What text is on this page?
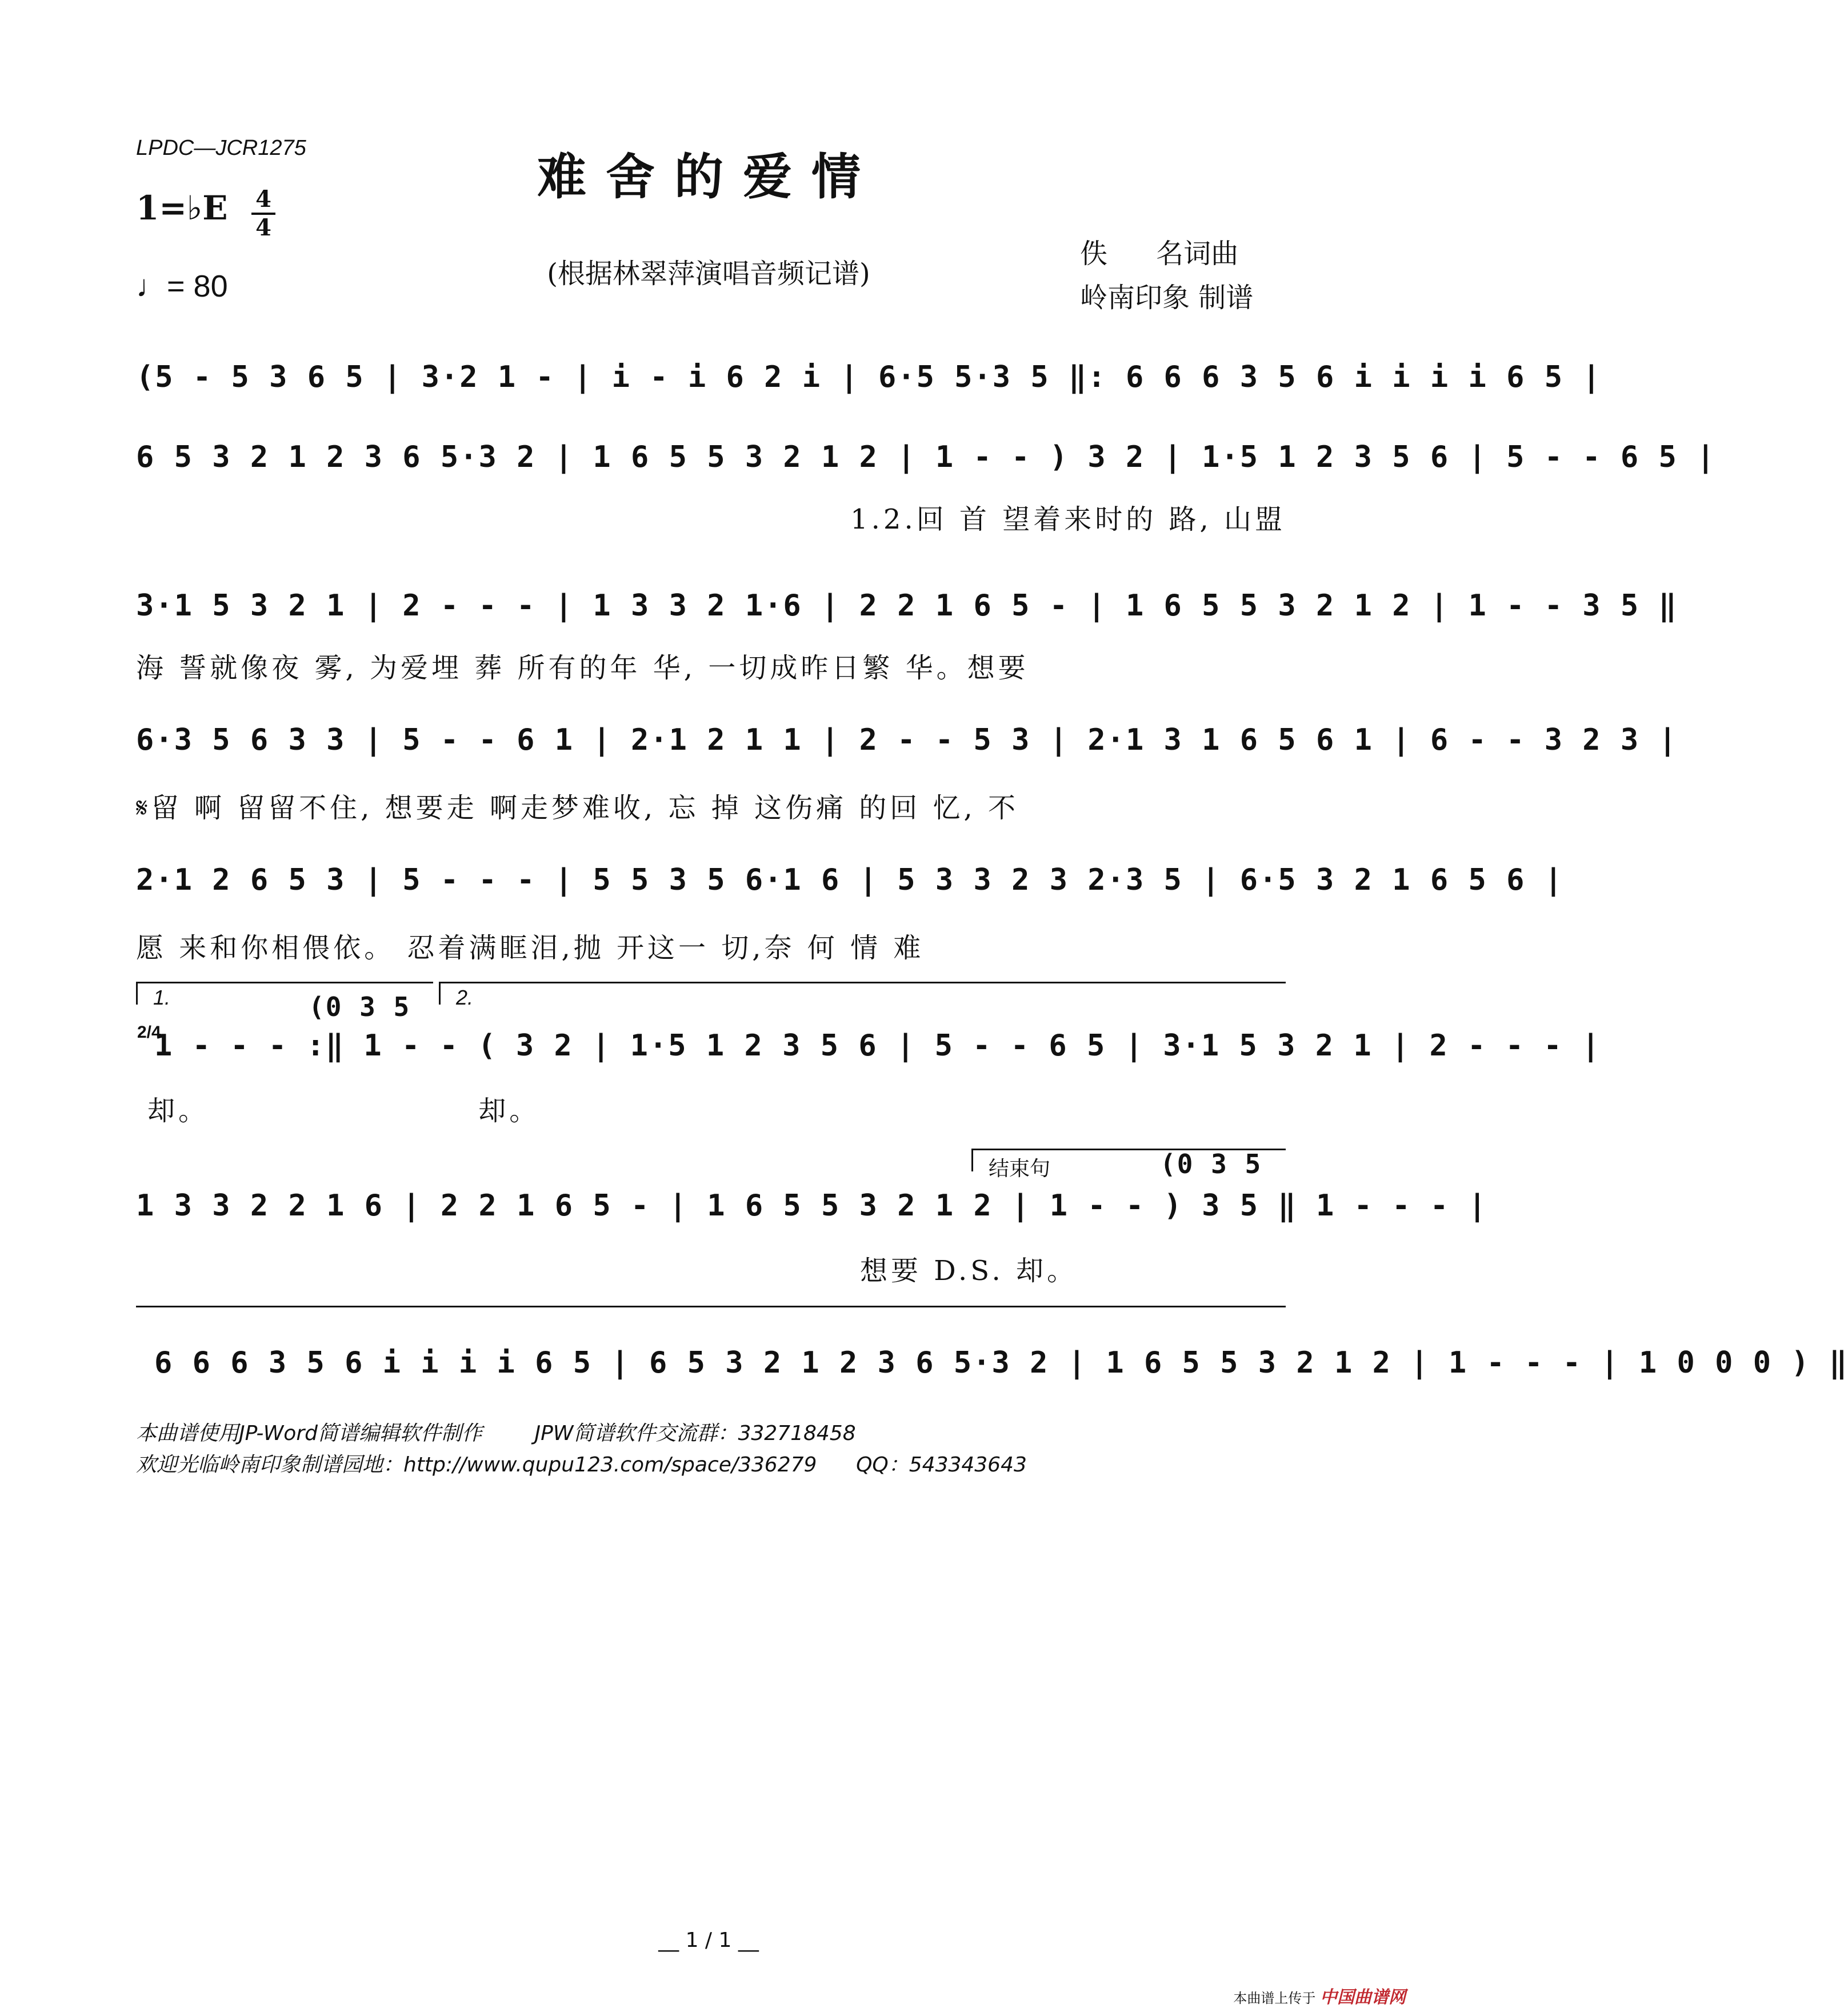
LPDC—JCR1275	难舍的爱情
1=♭E 4
4
♩= 80	(根据林翠萍演唱音频记谱)
佚 名词曲
岭南印象 制谱
(5 - 5 3 6 5 | 3·2 1 - | i - i 6 2 i | 6·5 5·3 5 ‖: 6 6 6 3 5 6 i i i i 6 5 |
6 5 3 2 1 2 3 6 5·3 2 | 1 6 5 5 3 2 1 2 | 1 - - ) 3 2 | 1·5 1 2 3 5 6 | 5 - - 6 5 |
1.2.回 首 望着来时的 路, 山盟
3·1 5 3 2 1 | 2 - - - | 1 3 3 2 1·6 | 2 2 1 6 5 - | 1 6 5 5 3 2 1 2 | 1 - - 3 5 ‖
海 誓就像夜 雾, 为爱埋 葬 所有的年 华, 一切成昨日繁 华。想要
6·3 5 6 3 3 | 5 - - 6 1 | 2·1 2 1 1 | 2 - - 5 3 | 2·1 3 1 6 5 6 1 | 6 - - 3 2 3 |
𝄋留 啊 留留不住, 想要走 啊走梦难收, 忘 掉 这伤痛 的回 忆, 不
2·1 2 6 5 3 | 5 - - - | 5 5 3 5 6·1 6 | 5 3 3 2 3 2·3 5 | 6·5 3 2 1 6 5 6 |
愿 来和你相偎依。 忍着满眶泪,抛 开这一 切,奈 何 情 难
1.	(0 3 5 2.
2/4
1 - - - :‖ 1 - - ( 3 2 | 1·5 1 2 3 5 6 | 5 - - 6 5 | 3·1 5 3 2 1 | 2 - - - |
却。 却。
结束句	(0 3 5
1 3 3 2 2 1 6 | 2 2 1 6 5 - | 1 6 5 5 3 2 1 2 | 1 - - ) 3 5 ‖ 1 - - - |
想要 D.S. 却。
6 6 6 3 5 6 i i i i 6 5 | 6 5 3 2 1 2 3 6 5·3 2 | 1 6 5 5 3 2 1 2 | 1 - - - | 1 0 0 0 ) ‖
本曲谱使用JP-Word简谱编辑软件制作        JPW简谱软件交流群：332718458
欢迎光临岭南印象制谱园地：http://www.qupu123.com/space/336279      QQ：543343643
__ 1 / 1 __
本曲谱上传于 中国曲谱网
